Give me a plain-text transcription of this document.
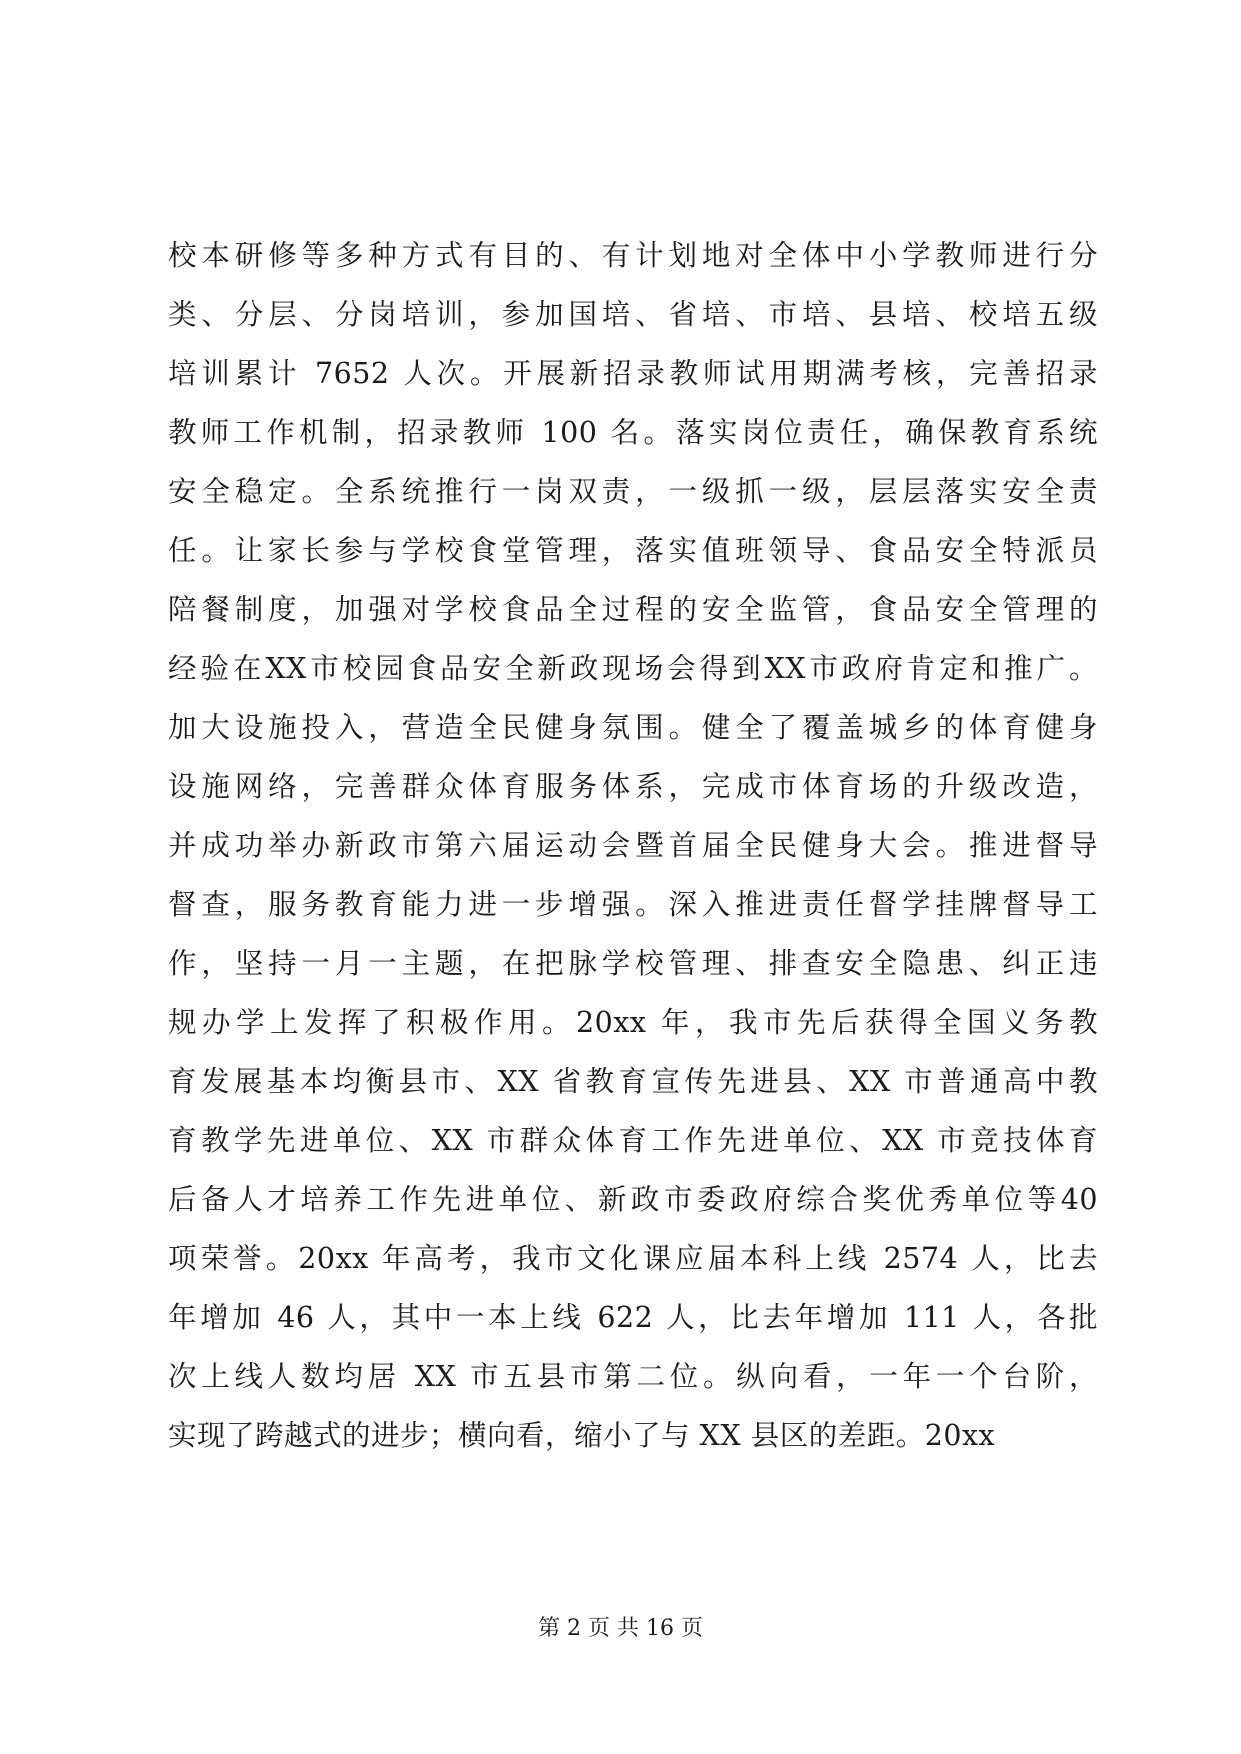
校本研修等多种方式有目的、有计划地对全体中小学教师进行分
类、分层、分岗培训，参加国培、省培、市培、县培、校培五级
培训累计 7652 人次。开展新招录教师试用期满考核，完善招录
教师工作机制，招录教师 100 名。落实岗位责任，确保教育系统
安全稳定。全系统推行一岗双责，一级抓一级，层层落实安全责
任。让家长参与学校食堂管理，落实值班领导、食品安全特派员
陪餐制度，加强对学校食品全过程的安全监管，食品安全管理的
经验在XX市校园食品安全新政现场会得到XX市政府肯定和推广。
加大设施投入，营造全民健身氛围。健全了覆盖城乡的体育健身
设施网络，完善群众体育服务体系，完成市体育场的升级改造，
并成功举办新政市第六届运动会暨首届全民健身大会。推进督导
督查，服务教育能力进一步增强。深入推进责任督学挂牌督导工
作，坚持一月一主题，在把脉学校管理、排查安全隐患、纠正违
规办学上发挥了积极作用。20xx 年，我市先后获得全国义务教
育发展基本均衡县市、XX 省教育宣传先进县、XX 市普通高中教
育教学先进单位、XX 市群众体育工作先进单位、XX 市竞技体育
后备人才培养工作先进单位、新政市委政府综合奖优秀单位等40
项荣誉。20xx 年高考，我市文化课应届本科上线 2574 人，比去
年增加 46 人，其中一本上线 622 人，比去年增加 111 人，各批
次上线人数均居 XX 市五县市第二位。纵向看，一年一个台阶，
实现了跨越式的进步；横向看，缩小了与 XX 县区的差距。20xx
第 2 页 共 16 页
